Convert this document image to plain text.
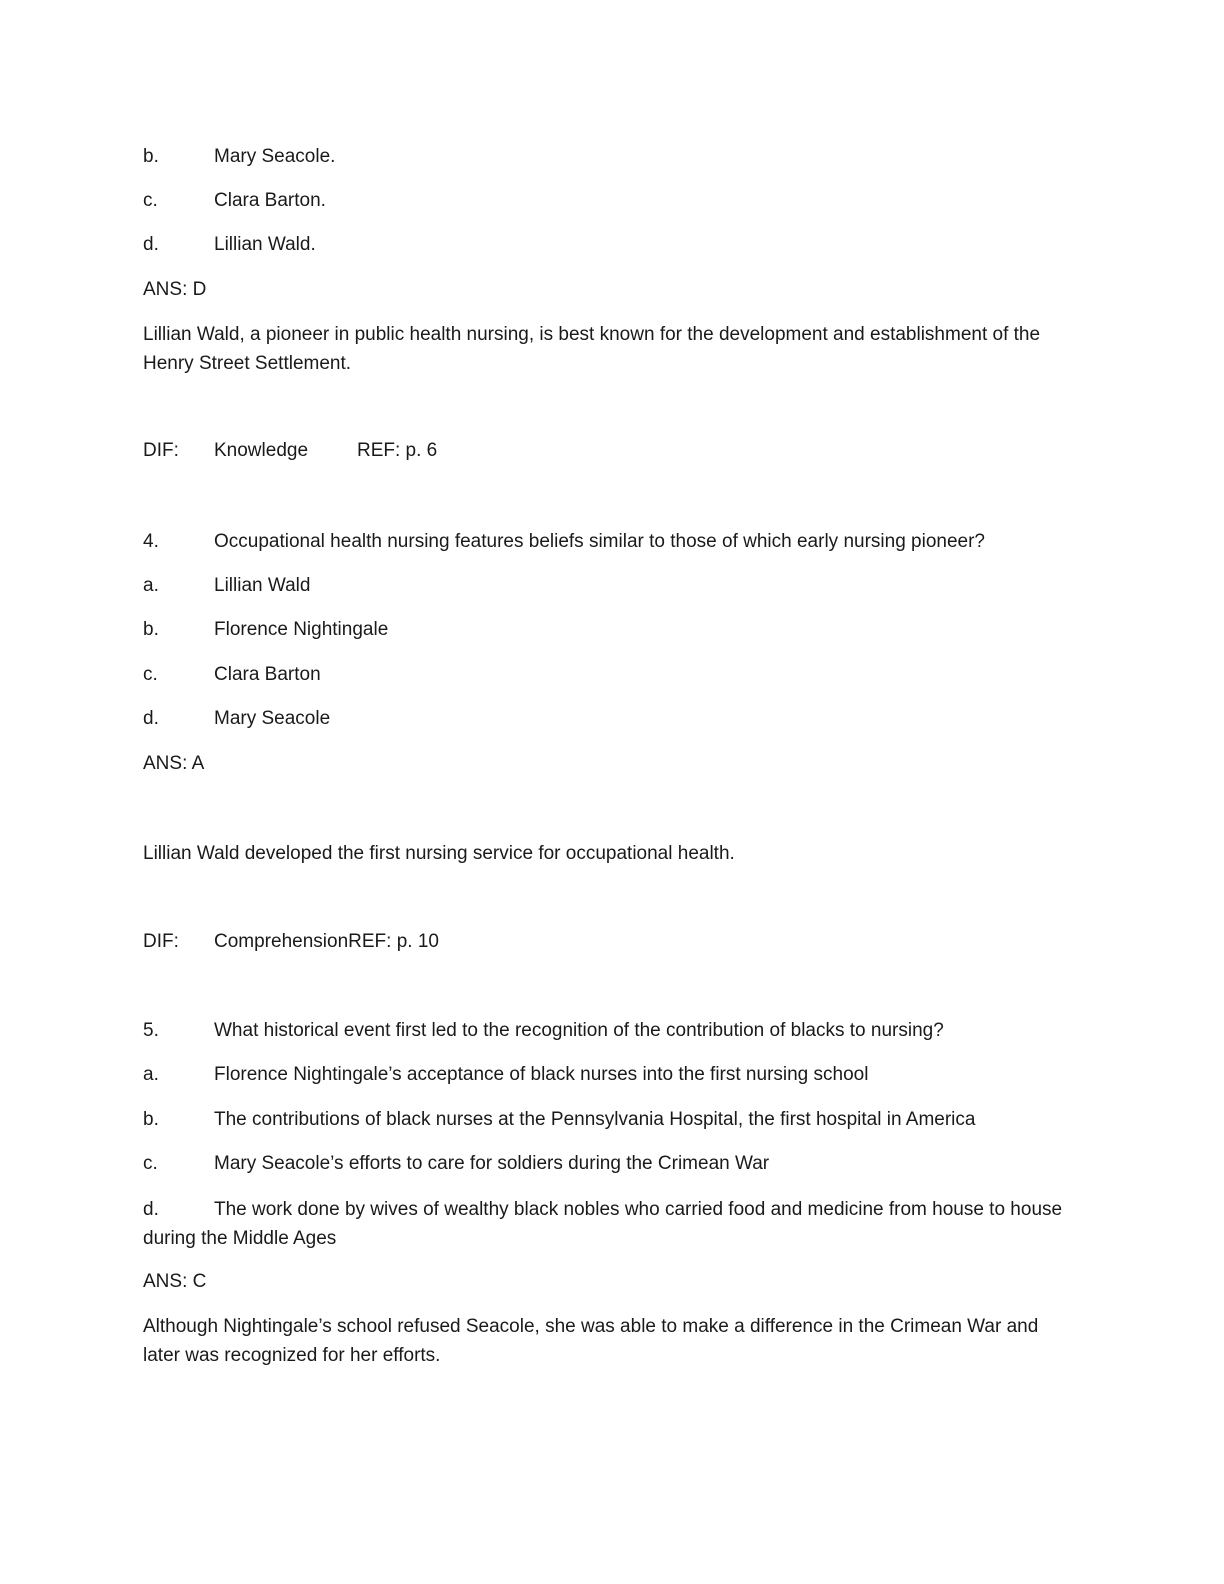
b.	Mary Seacole.
c.	Clara Barton.
d.	Lillian Wald.
ANS: D
Lillian Wald, a pioneer in public health nursing, is best known for the development and establishment of the Henry Street Settlement.
DIF: Knowledge	REF: p. 6
4.	Occupational health nursing features beliefs similar to those of which early nursing pioneer?
a.	Lillian Wald
b.	Florence Nightingale
c.	Clara Barton
d.	Mary Seacole
ANS: A
Lillian Wald developed the first nursing service for occupational health.
DIF: ComprehensionREF: p. 10
5.	What historical event first led to the recognition of the contribution of blacks to nursing?
a.	Florence Nightingale’s acceptance of black nurses into the first nursing school
b.	The contributions of black nurses at the Pennsylvania Hospital, the first hospital in America
c.	Mary Seacole’s efforts to care for soldiers during the Crimean War
d.	The work done by wives of wealthy black nobles who carried food and medicine from house to house during the Middle Ages
ANS: C
Although Nightingale’s school refused Seacole, she was able to make a difference in the Crimean War and later was recognized for her efforts.
